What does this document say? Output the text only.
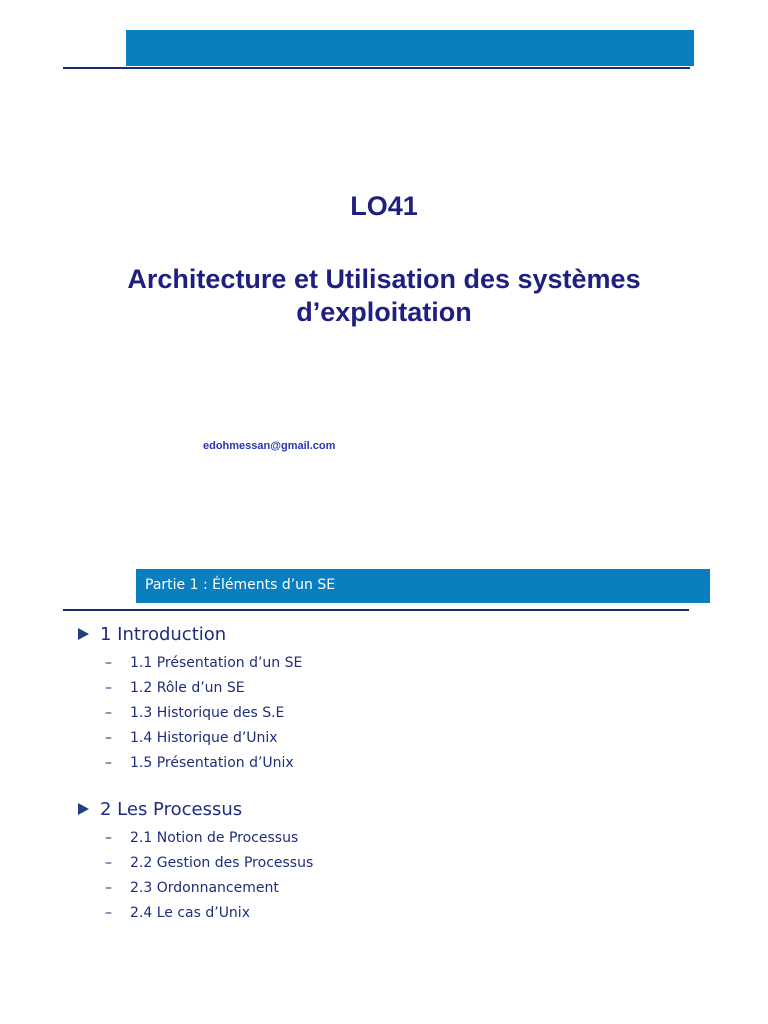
LO41
Architecture et Utilisation des systèmes
d’exploitation
edohmessan@gmail.com
Partie 1 : Éléments d’un SE
1 Introduction
–	1.1 Présentation d’un SE
–	1.2 Rôle d’un SE
–	1.3 Historique des S.E
–	1.4 Historique d’Unix
–	1.5 Présentation d’Unix
2 Les Processus
–	2.1 Notion de Processus
–	2.2 Gestion des Processus
–	2.3 Ordonnancement
–	2.4 Le cas d’Unix
